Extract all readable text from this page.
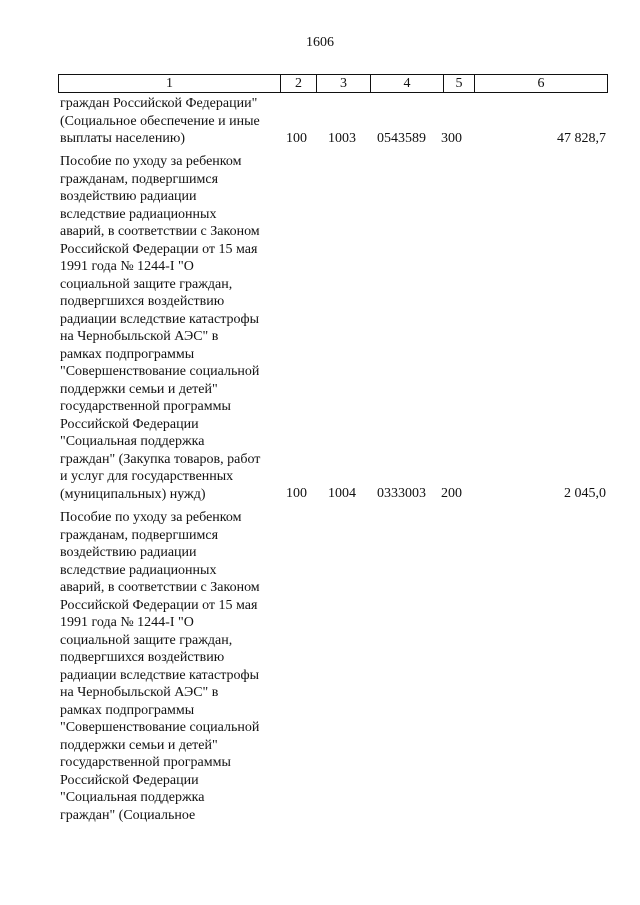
1606
1	2	3	4	5	6
граждан Российской Федерации"
(Социальное обеспечение и иные
выплаты населению)	100 1003 0543589 300	47 828,7
Пособие по уходу за ребенком
гражданам, подвергшимся
воздействию радиации
вследствие радиационных
аварий, в соответствии с Законом
Российской Федерации от 15 мая
1991 года № 1244-I "О
социальной защите граждан,
подвергшихся воздействию
радиации вследствие катастрофы
на Чернобыльской АЭС" в
рамках подпрограммы
"Совершенствование социальной
поддержки семьи и детей"
государственной программы
Российской Федерации
"Социальная поддержка
граждан" (Закупка товаров, работ
и услуг для государственных
(муниципальных) нужд)	100 1004 0333003 200	2 045,0
Пособие по уходу за ребенком
гражданам, подвергшимся
воздействию радиации
вследствие радиационных
аварий, в соответствии с Законом
Российской Федерации от 15 мая
1991 года № 1244-I "О
социальной защите граждан,
подвергшихся воздействию
радиации вследствие катастрофы
на Чернобыльской АЭС" в
рамках подпрограммы
"Совершенствование социальной
поддержки семьи и детей"
государственной программы
Российской Федерации
"Социальная поддержка
граждан" (Социальное
